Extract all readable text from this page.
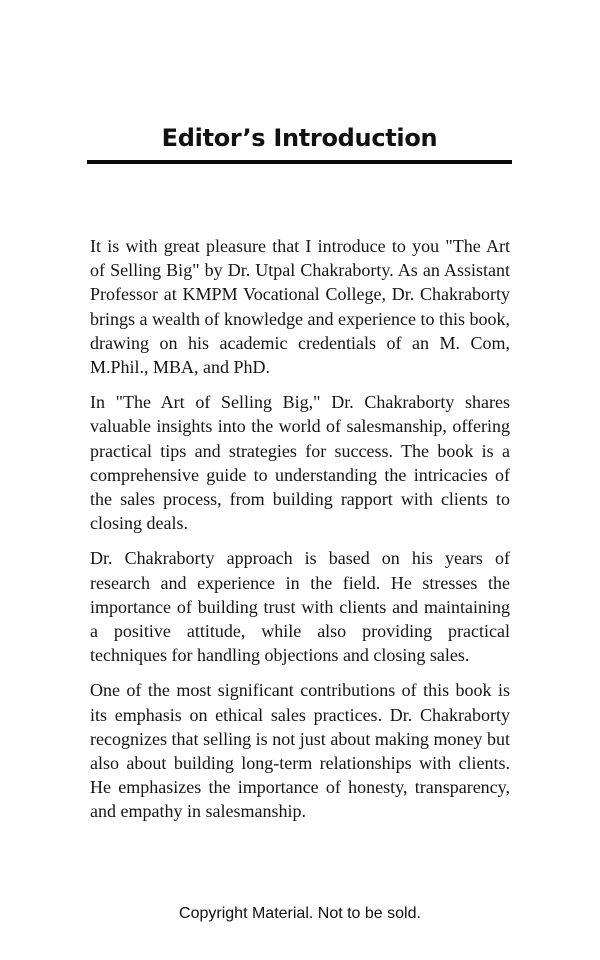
Editor’s Introduction

It is with great pleasure that I introduce to you "The Art of Selling Big" by Dr. Utpal Chakraborty. As an Assistant Professor at KMPM Vocational College, Dr. Chakraborty brings a wealth of knowledge and experience to this book, drawing on his academic credentials of an M. Com, M.Phil., MBA, and PhD.

In "The Art of Selling Big," Dr. Chakraborty shares valuable insights into the world of salesmanship, offering practical tips and strategies for success. The book is a comprehensive guide to understanding the intricacies of the sales process, from building rapport with clients to closing deals.

Dr. Chakraborty approach is based on his years of research and experience in the field. He stresses the importance of building trust with clients and maintaining a positive attitude, while also providing practical techniques for handling objections and closing sales.

One of the most significant contributions of this book is its emphasis on ethical sales practices. Dr. Chakraborty recognizes that selling is not just about making money but also about building long-term relationships with clients. He emphasizes the importance of honesty, transparency, and empathy in salesmanship.

Copyright Material. Not to be sold.
